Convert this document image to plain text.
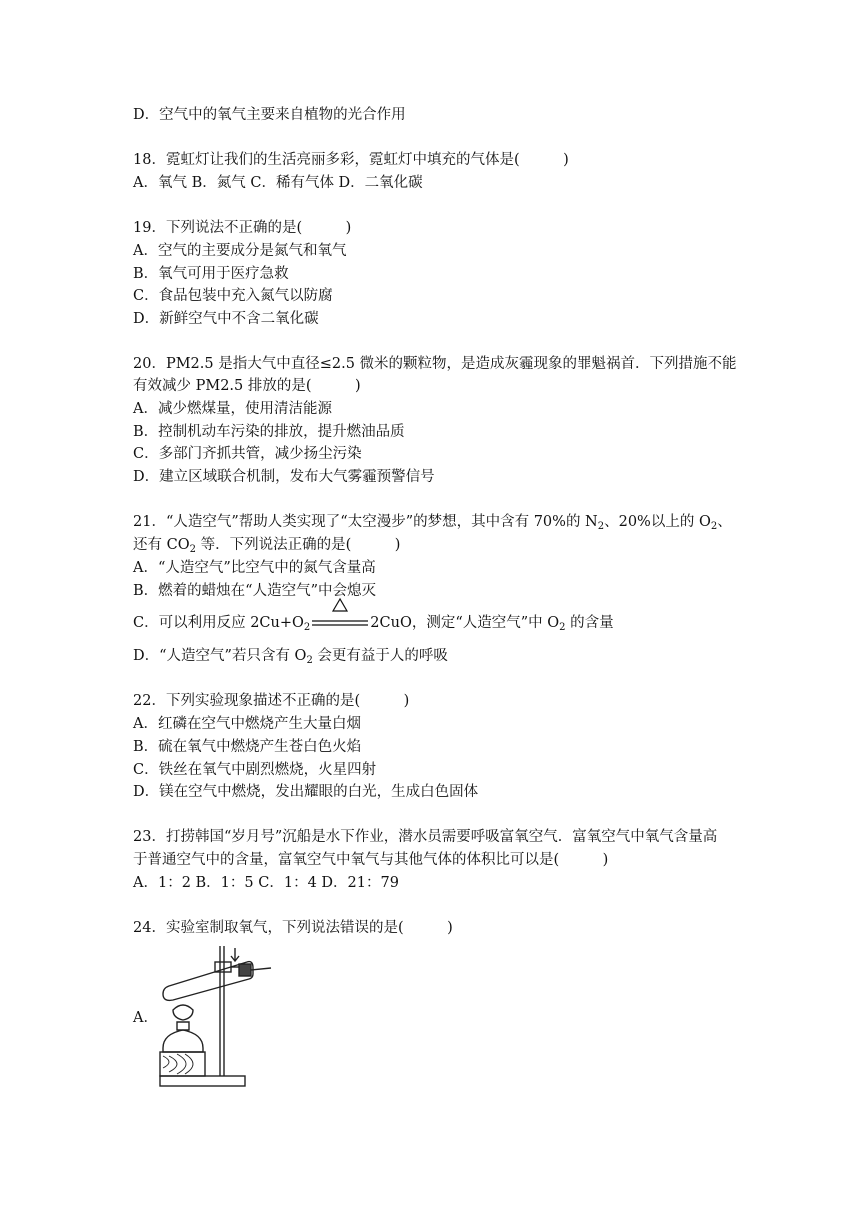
D．空气中的氧气主要来自植物的光合作用
18．霓虹灯让我们的生活亮丽多彩，霓虹灯中填充的气体是(　　　)
A．氧气 B．氮气 C．稀有气体 D．二氧化碳
19．下列说法不正确的是(　　　)
A．空气的主要成分是氮气和氧气
B．氧气可用于医疗急救
C．食品包装中充入氮气以防腐
D．新鲜空气中不含二氧化碳
20．PM2.5 是指大气中直径≤2.5 微米的颗粒物，是造成灰霾现象的罪魁祸首．下列措施不能
有效减少 PM2.5 排放的是(　　　)
A．减少燃煤量，使用清洁能源
B．控制机动车污染的排放，提升燃油品质
C．多部门齐抓共管，减少扬尘污染
D．建立区域联合机制，发布大气雾霾预警信号
21．“人造空气”帮助人类实现了“太空漫步”的梦想，其中含有 70%的 $N_2$、20%以上的 $O_2$、
还有 $CO_2$ 等．下列说法正确的是(　　　)
A．“人造空气”比空气中的氮气含量高
B．燃着的蜡烛在“人造空气”中会熄灭
C．可以利用反应 $2Cu+O_2$	2CuO，测定“人造空气”中 $O_2$ 的含量
D．“人造空气”若只含有 $O_2$ 会更有益于人的呼吸
22．下列实验现象描述不正确的是(　　　)
A．红磷在空气中燃烧产生大量白烟
B．硫在氧气中燃烧产生苍白色火焰
C．铁丝在氧气中剧烈燃烧，火星四射
D．镁在空气中燃烧，发出耀眼的白光，生成白色固体
23．打捞韩国“岁月号”沉船是水下作业，潜水员需要呼吸富氧空气．富氧空气中氧气含量高
于普通空气中的含量，富氧空气中氧气与其他气体的体积比可以是(　　　)
A．1：2 B．1：5 C．1：4 D．21：79
24．实验室制取氧气，下列说法错误的是(　　　)
A．
